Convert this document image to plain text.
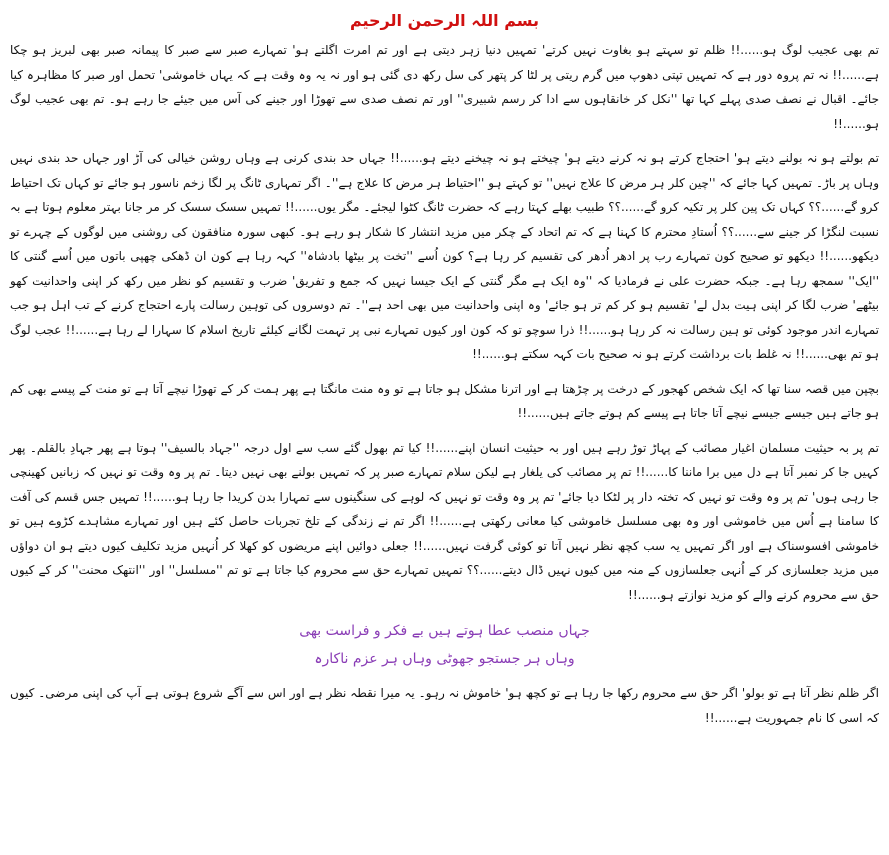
بسم اللہ الرحمن الرحیم

تم بھی عجیب لوگ ہو......!! ظلم تو سہتے ہو بغاوت نہیں کرتے' تمہیں دنیا زہر دیتی ہے اور تم امرت اگلتے ہو' تمہارے صبر سے صبر کا پیمانہ صبر بھی لبریز ہو چکا ہے......!! نہ تم پروہ دور ہے کہ تمہیں تپتی دھوپ میں گرم ریتی پر لٹا کر پتھر کی سل رکھ دی گئی ہو اور نہ یہ وہ وقت ہے کہ یہاں خاموشی' تحمل اور صبر کا مظاہرہ کیا جائے۔ اقبال نے نصف صدی پہلے کہا تھا ''نکل کر خانقاہوں سے ادا کر رسم شبیری'' اور تم نصف صدی سے تھوڑا اور جینے کی آس میں جیئے جا رہے ہو۔ تم بھی عجیب لوگ ہو......!!

تم بولتے ہو نہ بولنے دیتے ہو' احتجاج کرتے ہو نہ کرنے دیتے ہو' چیختے ہو نہ چیخنے دیتے ہو......!! جہاں حد بندی کرنی ہے وہاں روشن خیالی کی آڑ اور جہاں حد بندی نہیں وہاں پر باڑ۔ تمہیں کہا جائے کہ ''چین کلر ہر مرض کا علاج نہیں'' تو کہتے ہو ''احتیاط ہر مرض کا علاج ہے''۔ اگر تمہاری ٹانگ پر لگا زخم ناسور ہو جائے تو کہاں تک احتیاط کرو گے......؟؟ کہاں تک پین کلر پر تکیہ کرو گے......؟؟ طبیب بھلے کہتا رہے کہ حضرت ٹانگ کٹوا لیجئے۔ مگر یوں......!! تمہیں سسک سسک کر مر جانا بہتر معلوم ہوتا ہے بہ نسبت لنگڑا کر جینے سے......؟؟ اُستادِ محترم کا کہنا ہے کہ تم اتحاد کے چکر میں مزید انتشار کا شکار ہو رہے ہو۔ کبھی سورہ منافقون کی روشنی میں لوگوں کے چہرے تو دیکھو......!! دیکھو تو صحیح کون تمہارے رب پر ادھر اُدھر کی تقسیم کر رہا ہے؟ کون اُسے ''تخت پر بیٹھا بادشاہ'' کہہ رہا ہے کون ان ڈھکی چھپی باتوں میں اُسے گنتی کا ''ایک'' سمجھ رہا ہے۔ جبکہ حضرت علی نے فرمادیا کہ ''وہ ایک ہے مگر گنتی کے ایک جیسا نہیں کہ جمع و تفریق' ضرب و تقسیم کو نظر میں رکھ کر اپنی واحدانیت کھو بیٹھے' ضرب لگا کر اپنی ہیت بدل لے' تقسیم ہو کر کم تر ہو جائے' وہ اپنی واحدانیت میں بھی احد ہے''۔ تم دوسروں کی توہین رسالت پارے احتجاج کرنے کے تب اہل ہو جب تمہارے اندر موجود کوئی تو ہین رسالت نہ کر رہا ہو......!! ذرا سوچو تو کہ کون اور کیوں تمہارے نبی پر تہمت لگانے کیلئے تاریخ اسلام کا سہارا لے رہا ہے......!! عجب لوگ ہو تم بھی......!! نہ غلط بات برداشت کرتے ہو نہ صحیح بات کہہ سکتے ہو......!!

بچپن میں قصہ سنا تھا کہ ایک شخص کھجور کے درخت پر چڑھتا ہے اور اترنا مشکل ہو جاتا ہے تو وہ منت مانگتا ہے پھر ہمت کر کے تھوڑا نیچے آتا ہے تو منت کے پیسے بھی کم ہو جاتے ہیں جیسے جیسے نیچے آتا جاتا ہے پیسے کم ہوتے جاتے ہیں......!!

تم پر بہ حیثیت مسلمان اغیار مصائب کے پہاڑ توڑ رہے ہیں اور بہ حیثیت انسان اپنے......!! کیا تم بھول گئے سب سے اول درجہ ''جہاد بالسیف'' ہوتا ہے پھر جہادِ بالقلم۔ پھر کہیں جا کر نمبر آتا ہے دل میں برا ماننا کا......!! تم پر مصائب کی یلغار ہے لیکن سلام تمہارے صبر پر کہ تمہیں بولنے بھی نہیں دیتا۔ تم پر وہ وقت تو نہیں کہ زبانیں کھینچی جا رہی ہوں' تم پر وہ وقت تو نہیں کہ تختہ دار پر لٹکا دیا جائے' تم پر وہ وقت تو نہیں کہ لوہے کی سنگینوں سے تمہارا بدن کریدا جا رہا ہو......!! تمہیں جس قسم کی آفت کا سامنا ہے اُس میں خاموشی اور وہ بھی مسلسل خاموشی کیا معانی رکھتی ہے......!! اگر تم نے زندگی کے تلخ تجربات حاصل کئے ہیں اور تمہارے مشاہدے کڑوے ہیں تو خاموشی افسوسناک ہے اور اگر تمہیں یہ سب کچھ نظر نہیں آتا تو کوئی گرفت نہیں......!! جعلی دوائیں اپنے مریضوں کو کھلا کر اُنہیں مزید تکلیف کیوں دیتے ہو ان دواؤں میں مزید جعلسازی کر کے اُنہی جعلسازوں کے منہ میں کیوں نہیں ڈال دیتے......؟؟ تمہیں تمہارے حق سے محروم کیا جاتا ہے تو تم ''مسلسل'' اور ''انتھک محنت'' کر کے کیوں حق سے محروم کرنے والے کو مزید نوازتے ہو......!!

جہاں منصب عطا ہوتے ہیں بے فکر و فراست بھی

وہاں ہر جستجو جھوٹی وہاں ہر عزم ناکارہ

اگر ظلم نظر آتا ہے تو بولو' اگر حق سے محروم رکھا جا رہا ہے تو کچھ ہو' خاموش نہ رہو۔ یہ میرا نقطہ نظر ہے اور اس سے آگے شروع ہوتی ہے آپ کی اپنی مرضی۔ کیوں کہ اسی کا نام جمہوریت ہے......!!
